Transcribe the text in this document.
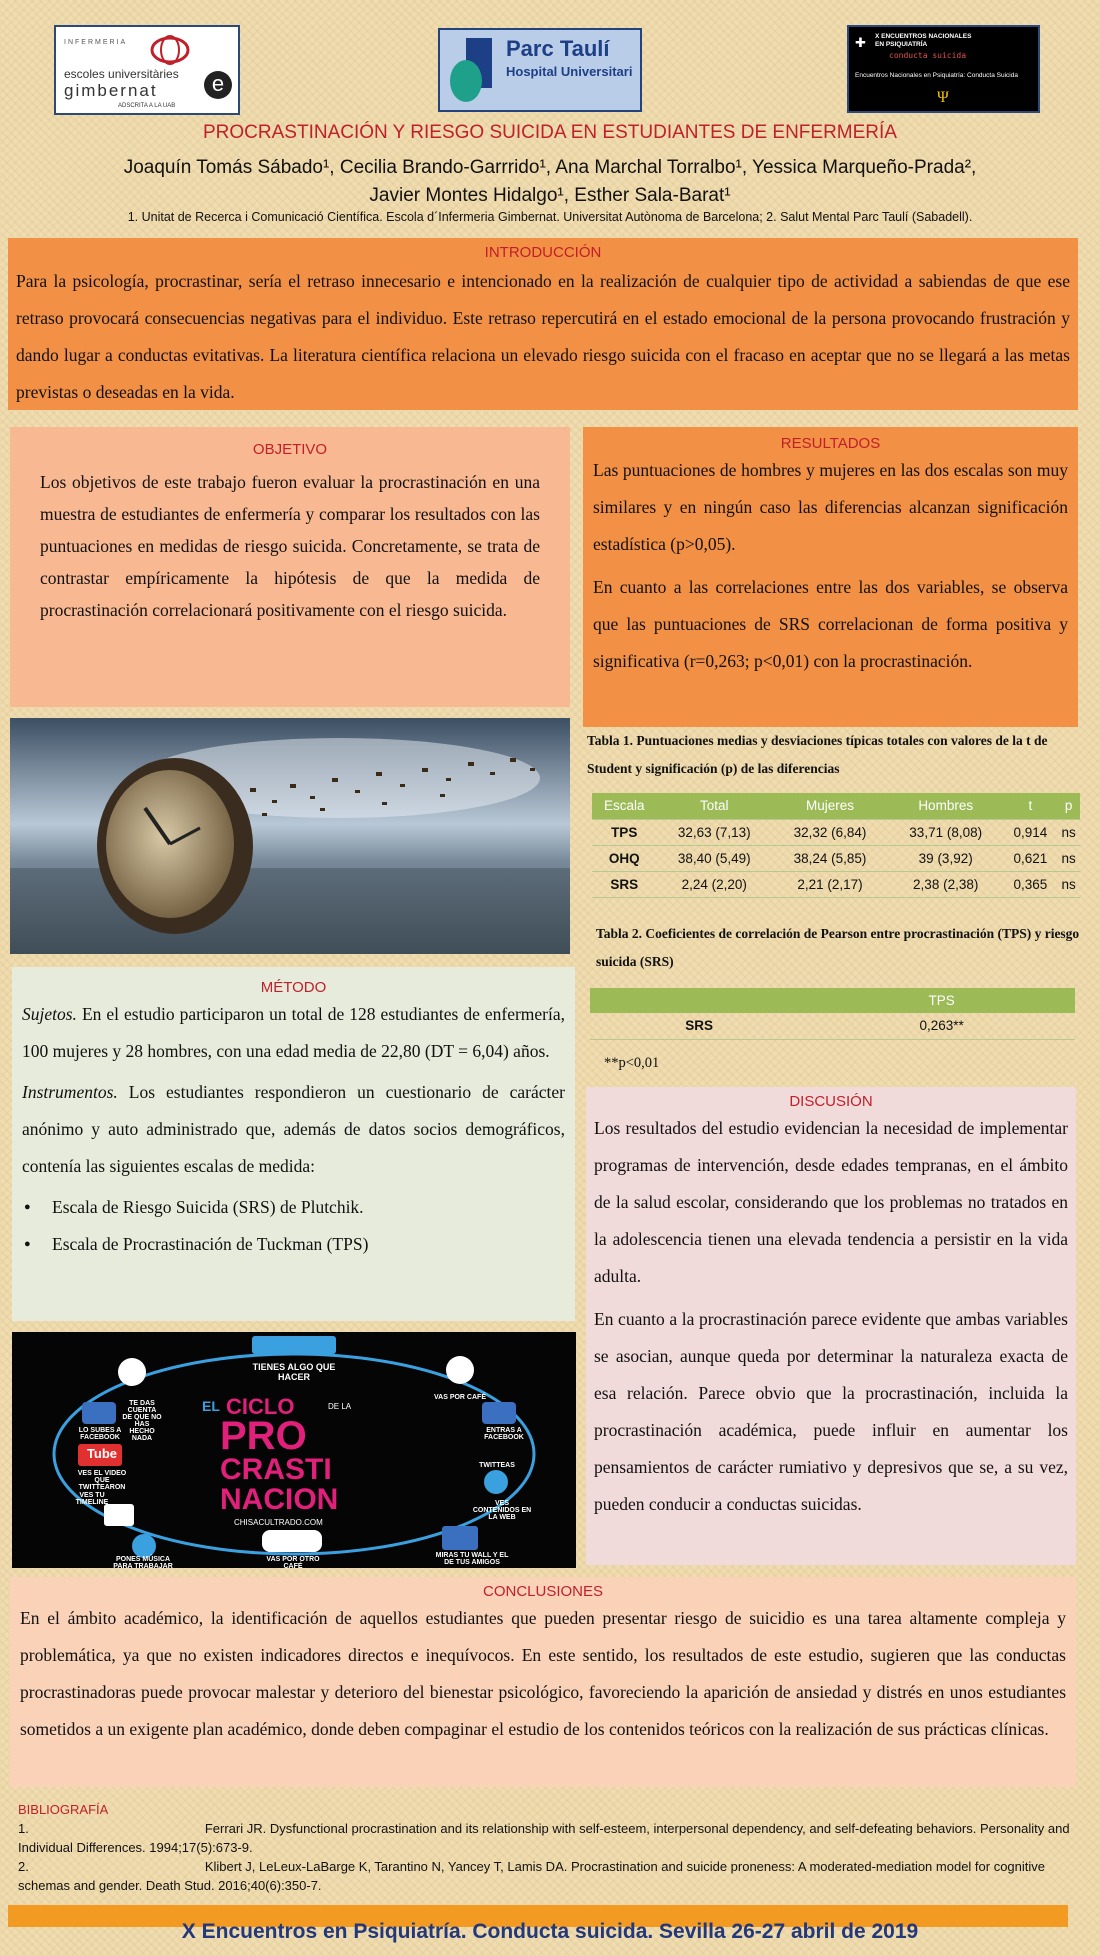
INFERMERIA
escoles universitàries
gimbernat
ADSCRITA A LA UAB
e
Parc Taulí
Hospital Universitari
✚ X ENCUENTROS NACIONALES
EN PSIQUIATRÍA
conducta suicida
Encuentros Nacionales en Psiquiatría: Conducta Suicida
Ψ
PROCRASTINACIÓN Y RIESGO SUICIDA EN ESTUDIANTES DE ENFERMERÍA
Joaquín Tomás Sábado¹, Cecilia Brando-Garrrido¹, Ana Marchal Torralbo¹, Yessica Marqueño-Prada²,
Javier Montes Hidalgo¹, Esther Sala-Barat¹
1. Unitat de Recerca i Comunicació Científica. Escola d´Infermeria Gimbernat. Universitat Autònoma de Barcelona; 2. Salut Mental Parc Taulí (Sabadell).
INTRODUCCIÓN
Para la psicología, procrastinar, sería el retraso innecesario e intencionado en la realización de cualquier tipo de actividad a sabiendas de que ese retraso provocará consecuencias negativas para el individuo. Este retraso repercutirá en el estado emocional de la persona provocando frustración y dando lugar a conductas evitativas. La literatura científica relaciona un elevado riesgo suicida con el fracaso en aceptar que no se llegará a las metas previstas o deseadas en la vida.
OBJETIVO
Los objetivos de este trabajo fueron evaluar la procrastinación en una muestra de estudiantes de enfermería y comparar los resultados con las puntuaciones en medidas de riesgo suicida. Concretamente, se trata de contrastar empíricamente la hipótesis de que la medida de procrastinación correlacionará positivamente con el riesgo suicida.
RESULTADOS

Las puntuaciones de hombres y mujeres en las dos escalas son muy similares y en ningún caso las diferencias alcanzan significación estadística (p>0,05).

En cuanto a las correlaciones entre las dos variables, se observa que las puntuaciones de SRS correlacionan de forma positiva y significativa (r=0,263; p<0,01) con la procrastinación.

Tabla 1. Puntuaciones medias y desviaciones típicas totales con valores de la t de Student y significación (p) de las diferencias
Escala	Total	Mujeres	Hombres	t	p
TPS	32,63 (7,13)	32,32 (6,84)	33,71 (8,08)	0,914	ns
OHQ	38,40 (5,49)	38,24 (5,85)	39 (3,92)	0,621	ns
SRS	2,24 (2,20)	2,21 (2,17)	2,38 (2,38)	0,365	ns
Tabla 2. Coeficientes de correlación de Pearson entre procrastinación (TPS) y riesgo suicida (SRS)
	TPS
SRS	0,263**
**p<0,01
MÉTODO

Sujetos. En el estudio participaron un total de 128 estudiantes de enfermería, 100 mujeres y 28 hombres, con una edad media de 22,80 (DT = 6,04) años.

Instrumentos. Los estudiantes respondieron un cuestionario de carácter anónimo y auto administrado que, además de datos socios demográficos, contenía las siguientes escalas de medida:

● Escala de Riesgo Suicida (SRS) de Plutchik.
● Escala de Procrastinación de Tuckman (TPS)
DISCUSIÓN

Los resultados del estudio evidencian la necesidad de implementar programas de intervención, desde edades tempranas, en el ámbito de la salud escolar, considerando que los problemas no tratados en la adolescencia tienen una elevada tendencia a persistir en la vida adulta.

En cuanto a la procrastinación parece evidente que ambas variables se asocian, aunque queda por determinar la naturaleza exacta de esa relación. Parece obvio que la procrastinación, incluida la procrastinación académica, puede influir en aumentar los pensamientos de carácter rumiativo y depresivos que se, a su vez, pueden conducir a conductas suicidas.

TIENES ALGO QUE HACER
TE DAS CUENTA DE QUE NO HAS HECHO NADA
VAS POR CAFÉ
LO SUBES A FACEBOOK
ENTRAS A FACEBOOK
VES EL VIDEO QUE TWITTEARON
TWITTEAS
VES TU TIMELINE	VES CONTENIDOS EN LA WEB
PONES MÚSICA PARA TRABAJAR
VAS POR OTRO CAFÉ
MIRAS TU WALL Y EL DE TUS AMIGOS
Tube
EL CICLO	DE LA
PRO
CRASTI
NACION
CHISACULTRADO.COM
CONCLUSIONES
En el ámbito académico, la identificación de aquellos estudiantes que pueden presentar riesgo de suicidio es una tarea altamente compleja y problemática, ya que no existen indicadores directos e inequívocos. En este sentido, los resultados de este estudio, sugieren que las conductas procrastinadoras puede provocar malestar y deterioro del bienestar psicológico, favoreciendo la aparición de ansiedad y distrés en unos estudiantes sometidos a un exigente plan académico, donde deben compaginar el estudio de los contenidos teóricos con la realización de sus prácticas clínicas.
BIBLIOGRAFÍA
1.	Ferrari JR. Dysfunctional procrastination and its relationship with self-esteem, interpersonal dependency, and self-defeating behaviors. Personality and Individual Differences. 1994;17(5):673-9.
2.	Klibert J, LeLeux-LaBarge K, Tarantino N, Yancey T, Lamis DA. Procrastination and suicide proneness: A moderated-mediation model for cognitive schemas and gender. Death Stud. 2016;40(6):350-7.
X Encuentros en Psiquiatría. Conducta suicida. Sevilla 26-27 abril de 2019
